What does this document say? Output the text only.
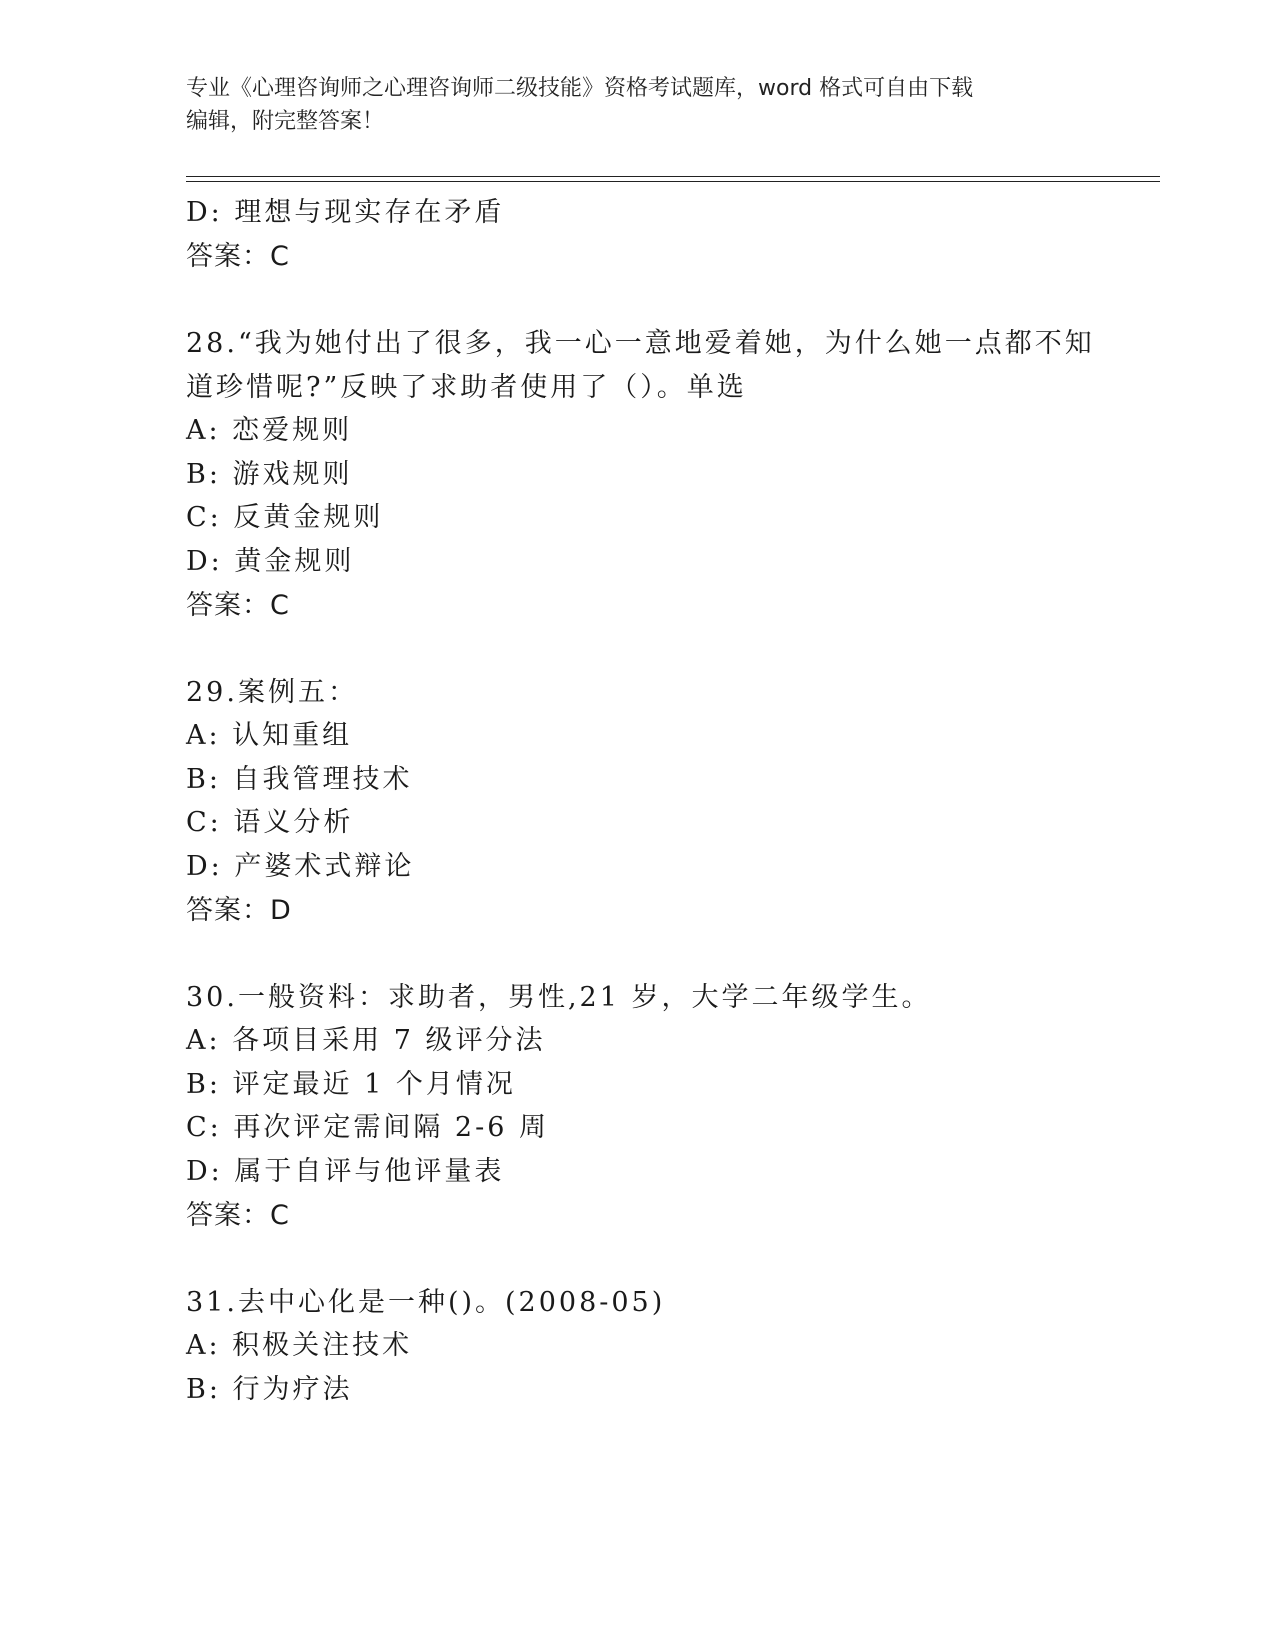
专业《心理咨询师之心理咨询师二级技能》资格考试题库，word 格式可自由下载
编辑，附完整答案！
D: 理想与现实存在矛盾
答案：C
28.“我为她付出了很多，我一心一意地爱着她，为什么她一点都不知
道珍惜呢?”反映了求助者使用了（）。单选
A: 恋爱规则
B: 游戏规则
C: 反黄金规则
D: 黄金规则
答案：C
29.案例五：
A: 认知重组
B: 自我管理技术
C: 语义分析
D: 产婆术式辩论
答案：D
30.一般资料：求助者，男性,21 岁，大学二年级学生。
A: 各项目采用 7 级评分法
B: 评定最近 1 个月情况
C: 再次评定需间隔 2-6 周
D: 属于自评与他评量表
答案：C
31.去中心化是一种()。(2008-05)
A: 积极关注技术
B: 行为疗法
